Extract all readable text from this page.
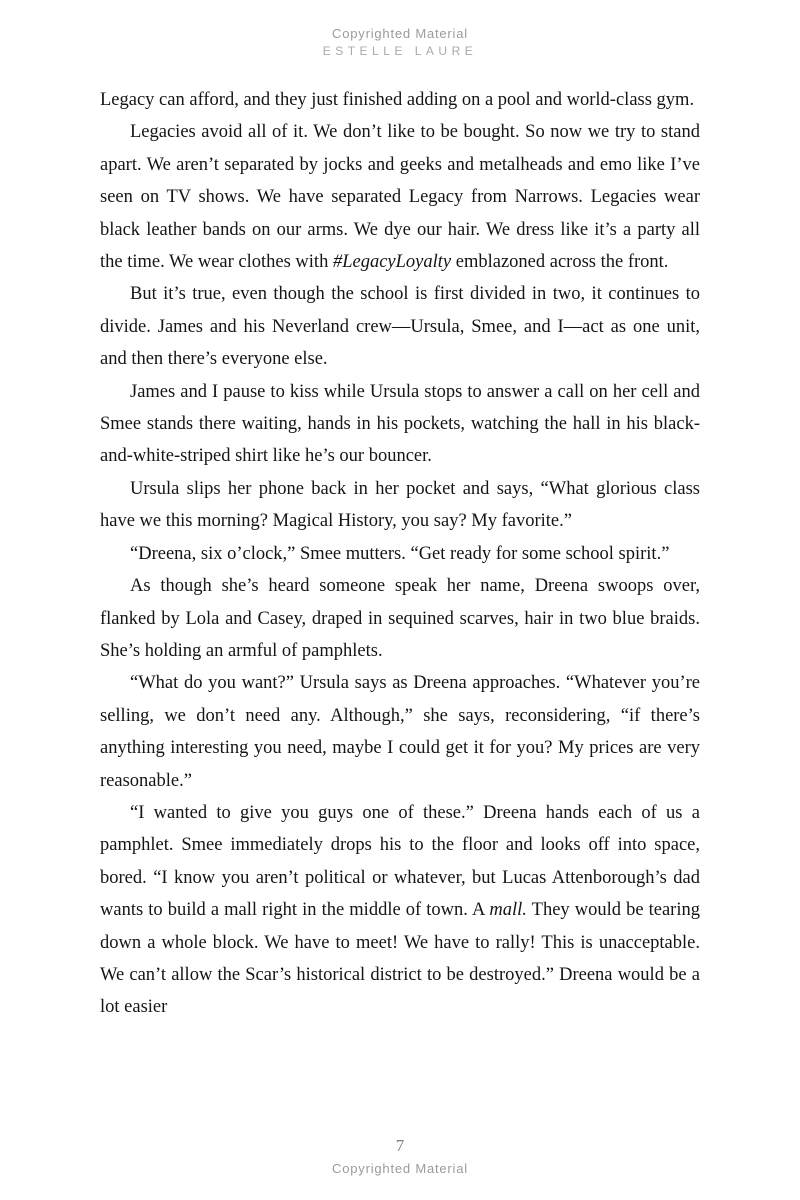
Copyrighted Material
ESTELLE LAURE

Legacy can afford, and they just finished adding on a pool and world-class gym.

Legacies avoid all of it. We don’t like to be bought. So now we try to stand apart. We aren’t separated by jocks and geeks and metalheads and emo like I’ve seen on TV shows. We have separated Legacy from Narrows. Legacies wear black leather bands on our arms. We dye our hair. We dress like it’s a party all the time. We wear clothes with #LegacyLoyalty emblazoned across the front.

But it’s true, even though the school is first divided in two, it continues to divide. James and his Neverland crew—Ursula, Smee, and I—act as one unit, and then there’s everyone else.

James and I pause to kiss while Ursula stops to answer a call on her cell and Smee stands there waiting, hands in his pockets, watching the hall in his black-and-white-striped shirt like he’s our bouncer.

Ursula slips her phone back in her pocket and says, “What glorious class have we this morning? Magical History, you say? My favorite.”

“Dreena, six o’clock,” Smee mutters. “Get ready for some school spirit.”

As though she’s heard someone speak her name, Dreena swoops over, flanked by Lola and Casey, draped in sequined scarves, hair in two blue braids. She’s holding an armful of pamphlets.

“What do you want?” Ursula says as Dreena approaches. “Whatever you’re selling, we don’t need any. Although,” she says, reconsidering, “if there’s anything interesting you need, maybe I could get it for you? My prices are very reasonable.”

“I wanted to give you guys one of these.” Dreena hands each of us a pamphlet. Smee immediately drops his to the floor and looks off into space, bored. “I know you aren’t political or whatever, but Lucas Attenborough’s dad wants to build a mall right in the middle of town. A mall. They would be tearing down a whole block. We have to meet! We have to rally! This is unacceptable. We can’t allow the Scar’s historical district to be destroyed.” Dreena would be a lot easier

7
Copyrighted Material
